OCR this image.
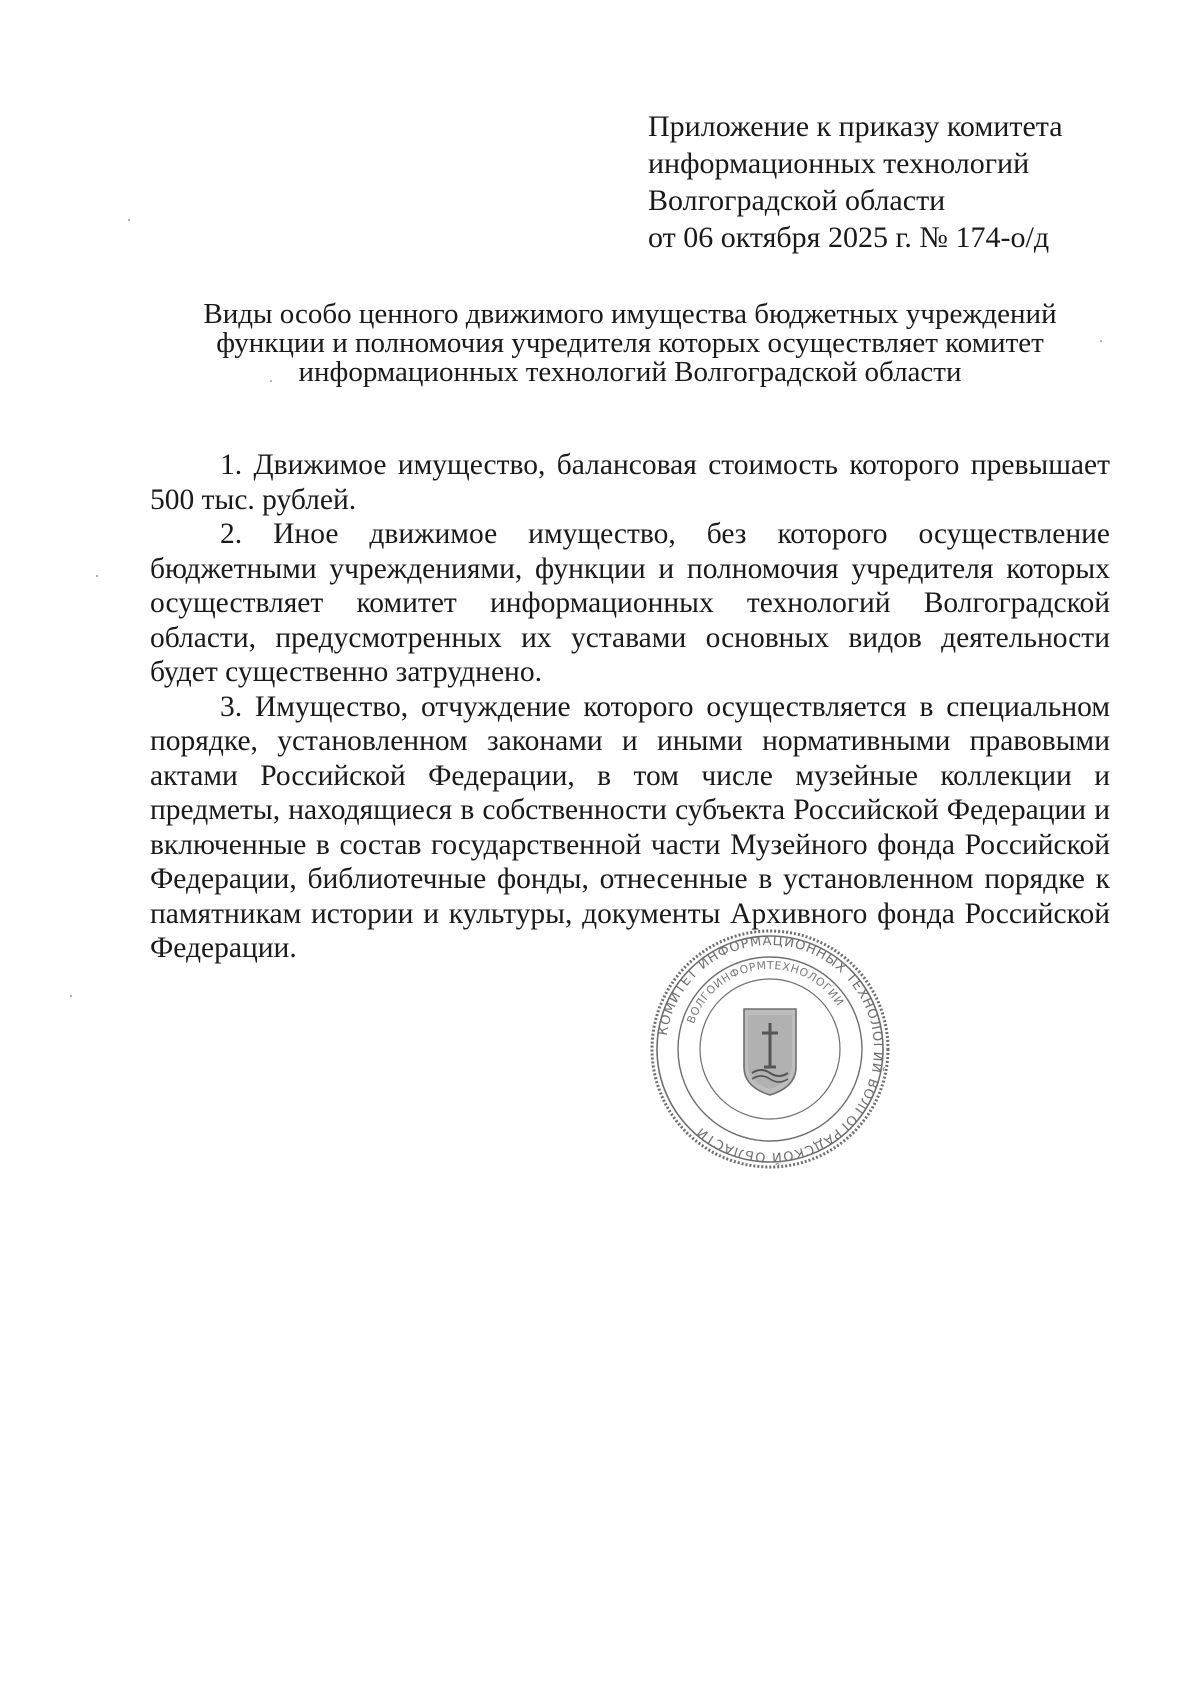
Приложение к приказу комитета
информационных технологий
Волгоградской области
от 06 октября 2025 г. № 174-о/д
Виды особо ценного движимого имущества бюджетных учреждений
функции и полномочия учредителя которых осуществляет комитет
информационных технологий Волгоградской области

1. Движимое имущество, балансовая стоимость которого превышает 500 тыс. рублей.

2. Иное движимое имущество, без которого осуществление бюджетными учреждениями, функции и полномочия учредителя которых осуществляет комитет информационных технологий Волгоградской области, предусмотренных их уставами основных видов деятельности будет существенно затруднено.

3. Имущество, отчуждение которого осуществляется в специальном порядке, установленном законами и иными нормативными правовыми актами Российской Федерации, в том числе музейные коллекции и предметы, находящиеся в собственности субъекта Российской Федерации и включенные в состав государственной части Музейного фонда Российской Федерации, библиотечные фонды, отнесенные в установленном порядке к памятникам истории и культуры, документы Архивного фонда Российской Федерации.

КОМИТЕТ ИНФОРМАЦИОННЫХ ТЕХНОЛОГИЙ ВОЛГОГРАДСКОЙ ОБЛАСТИ
ВОЛГОИНФОРМТЕХНОЛОГИИ
